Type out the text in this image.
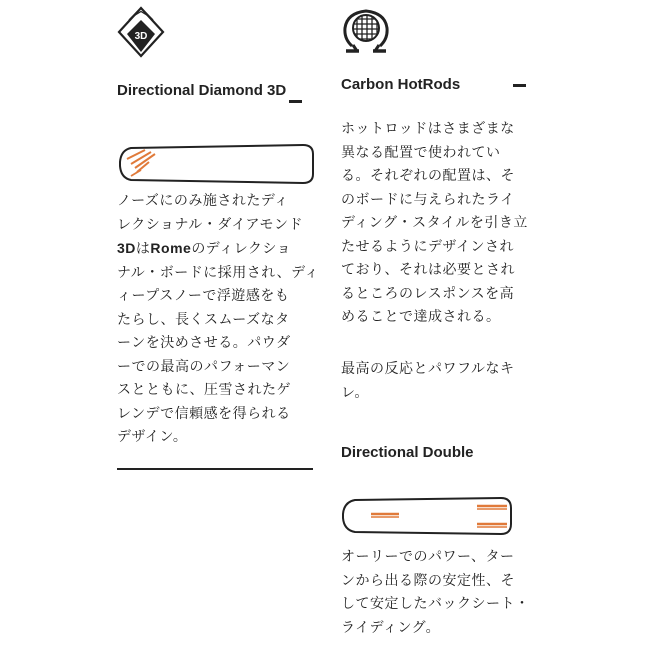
3D
Directional Diamond 3D
ノーズにのみ施されたディ
レクショナル・ダイアモンド
3DはRomeのディレクショ
ナル・ボードに採用され、ディ
ィープスノーで浮遊感をも
たらし、長くスムーズなタ
ーンを決めさせる。パウダ
ーでの最高のパフォーマン
スとともに、圧雪されたゲ
レンデで信頼感を得られる
デザイン。
Carbon HotRods
ホットロッドはさまざまな
異なる配置で使われてい
る。それぞれの配置は、そ
のボードに与えられたライ
ディング・スタイルを引き立
たせるようにデザインされ
ており、それは必要とされ
るところのレスポンスを高
めることで達成される。
最高の反応とパワフルなキ
レ。
Directional Double
オーリーでのパワー、ター
ンから出る際の安定性、そ
して安定したバックシート・
ライディング。
